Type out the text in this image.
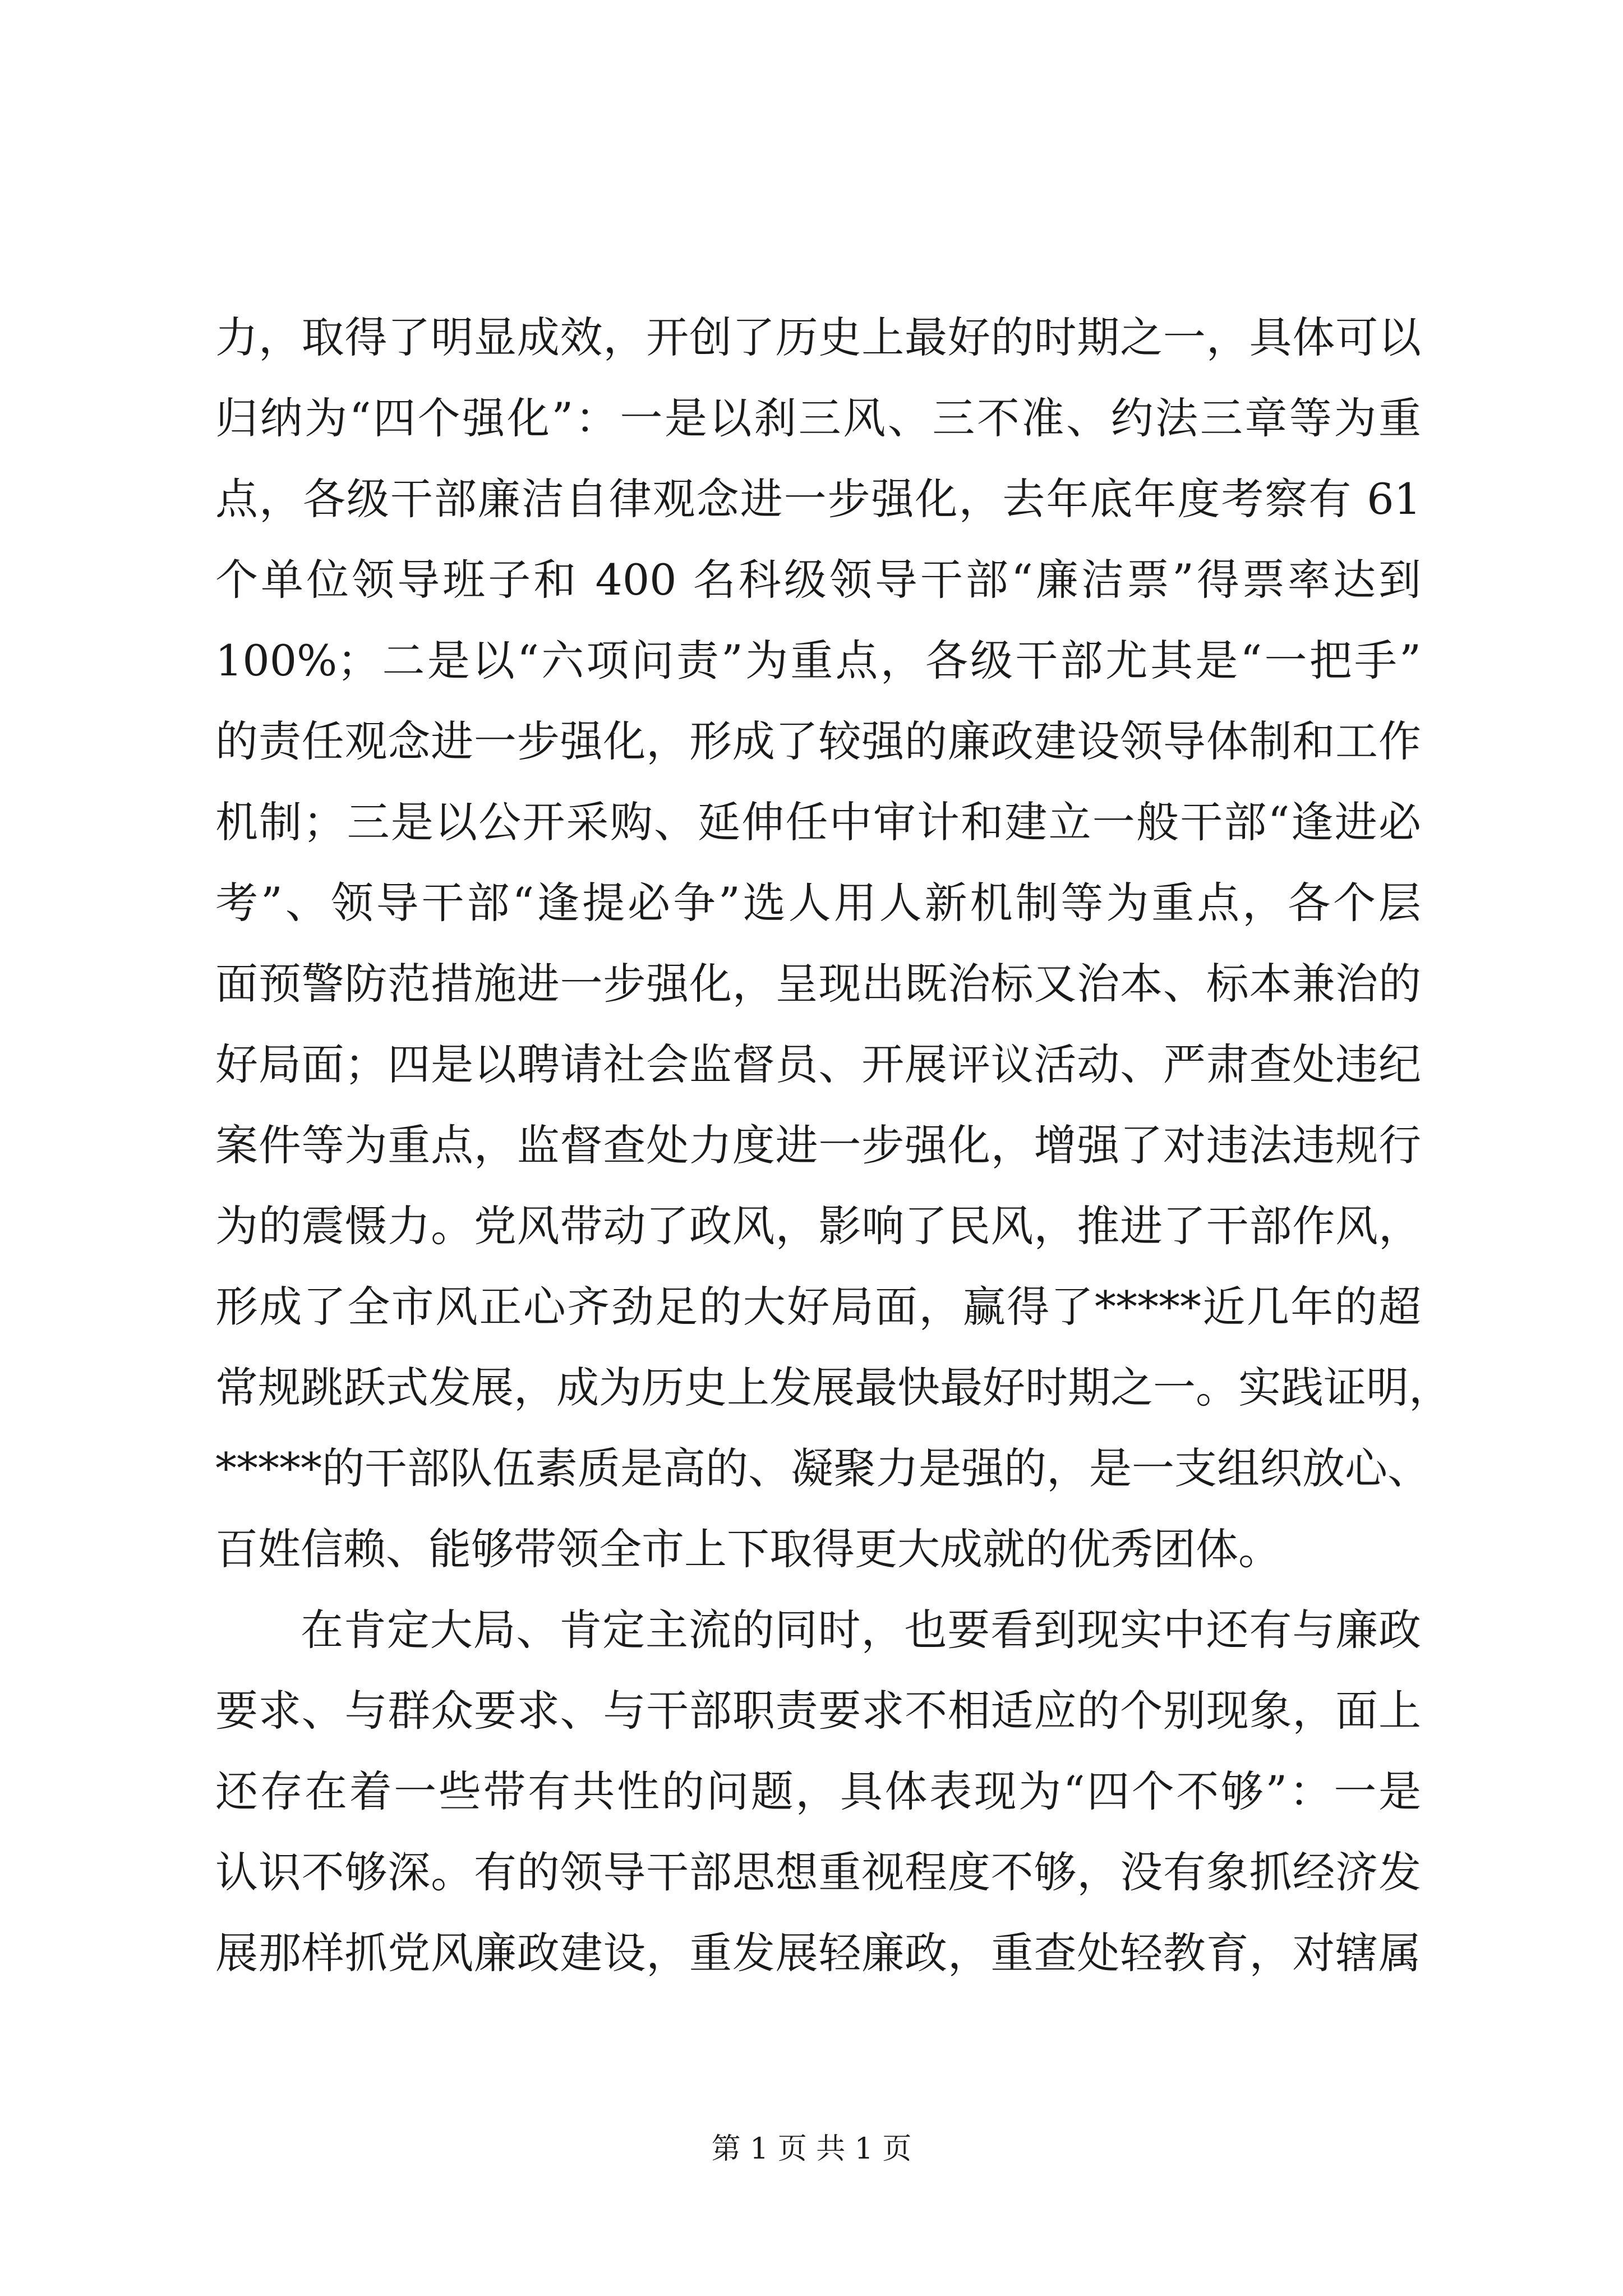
力，取得了明显成效，开创了历史上最好的时期之一，具体可以
归纳为“四个强化”：一是以刹三风、三不准、约法三章等为重
点，各级干部廉洁自律观念进一步强化，去年底年度考察有 61
个单位领导班子和 400 名科级领导干部“廉洁票”得票率达到
100%；二是以“六项问责”为重点，各级干部尤其是“一把手”
的责任观念进一步强化，形成了较强的廉政建设领导体制和工作
机制；三是以公开采购、延伸任中审计和建立一般干部“逢进必
考”、领导干部“逢提必争”选人用人新机制等为重点，各个层
面预警防范措施进一步强化，呈现出既治标又治本、标本兼治的
好局面；四是以聘请社会监督员、开展评议活动、严肃查处违纪
案件等为重点，监督查处力度进一步强化，增强了对违法违规行
为的震慑力。党风带动了政风，影响了民风，推进了干部作风，
形成了全市风正心齐劲足的大好局面，赢得了*****近几年的超
常规跳跃式发展，成为历史上发展最快最好时期之一。实践证明，
*****的干部队伍素质是高的、凝聚力是强的，是一支组织放心、
百姓信赖、能够带领全市上下取得更大成就的优秀团体。
在肯定大局、肯定主流的同时，也要看到现实中还有与廉政
要求、与群众要求、与干部职责要求不相适应的个别现象，面上
还存在着一些带有共性的问题，具体表现为“四个不够”：一是
认识不够深。有的领导干部思想重视程度不够，没有象抓经济发
展那样抓党风廉政建设，重发展轻廉政，重查处轻教育，对辖属
第 1 页 共 1 页
